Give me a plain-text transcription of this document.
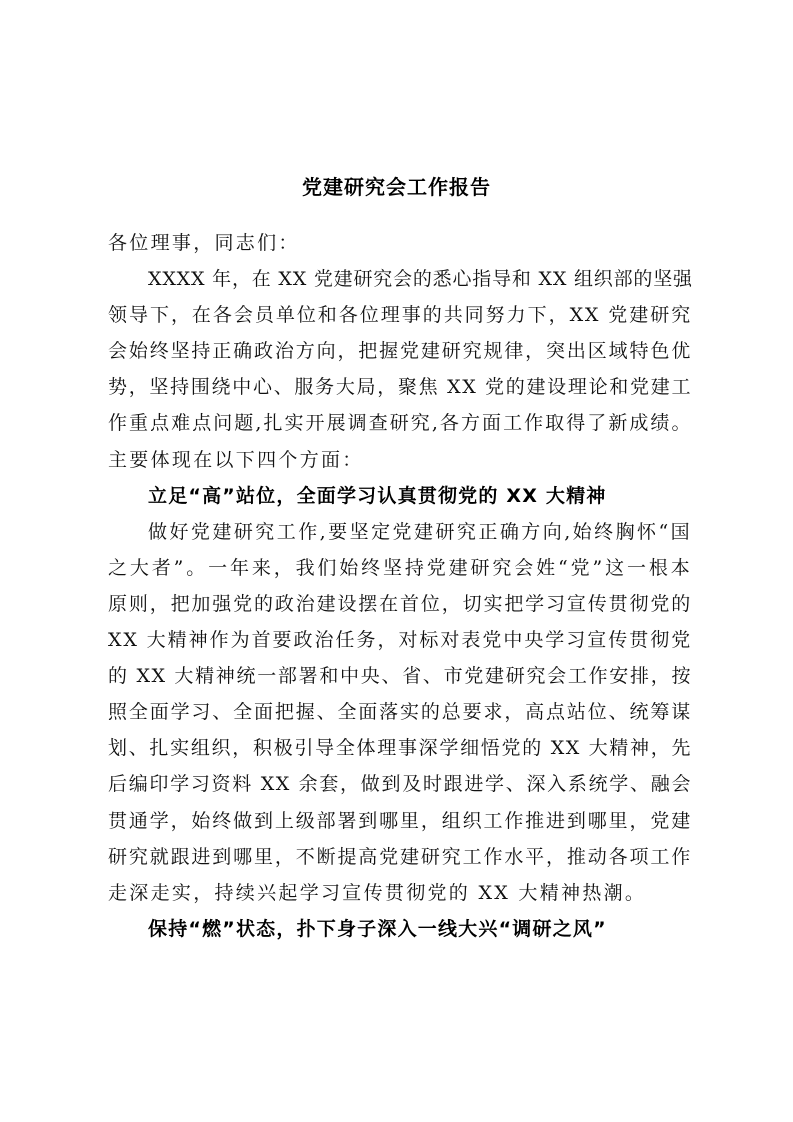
党建研究会工作报告
各位理事，同志们：
XXXX 年，在 XX 党建研究会的悉心指导和 XX 组织部的坚强
领导下，在各会员单位和各位理事的共同努力下，XX 党建研究
会始终坚持正确政治方向，把握党建研究规律，突出区域特色优
势，坚持围绕中心、服务大局，聚焦 XX 党的建设理论和党建工
作重点难点问题,扎实开展调查研究,各方面工作取得了新成绩。
主要体现在以下四个方面：
立足“高”站位，全面学习认真贯彻党的 XX 大精神
做好党建研究工作,要坚定党建研究正确方向,始终胸怀“国
之大者”。一年来，我们始终坚持党建研究会姓“党”这一根本
原则，把加强党的政治建设摆在首位，切实把学习宣传贯彻党的
XX 大精神作为首要政治任务，对标对表党中央学习宣传贯彻党
的 XX 大精神统一部署和中央、省、市党建研究会工作安排，按
照全面学习、全面把握、全面落实的总要求，高点站位、统筹谋
划、扎实组织，积极引导全体理事深学细悟党的 XX 大精神，先
后编印学习资料 XX 余套，做到及时跟进学、深入系统学、融会
贯通学，始终做到上级部署到哪里，组织工作推进到哪里，党建
研究就跟进到哪里，不断提高党建研究工作水平，推动各项工作
走深走实，持续兴起学习宣传贯彻党的 XX 大精神热潮。
保持“燃”状态，扑下身子深入一线大兴“调研之风”
